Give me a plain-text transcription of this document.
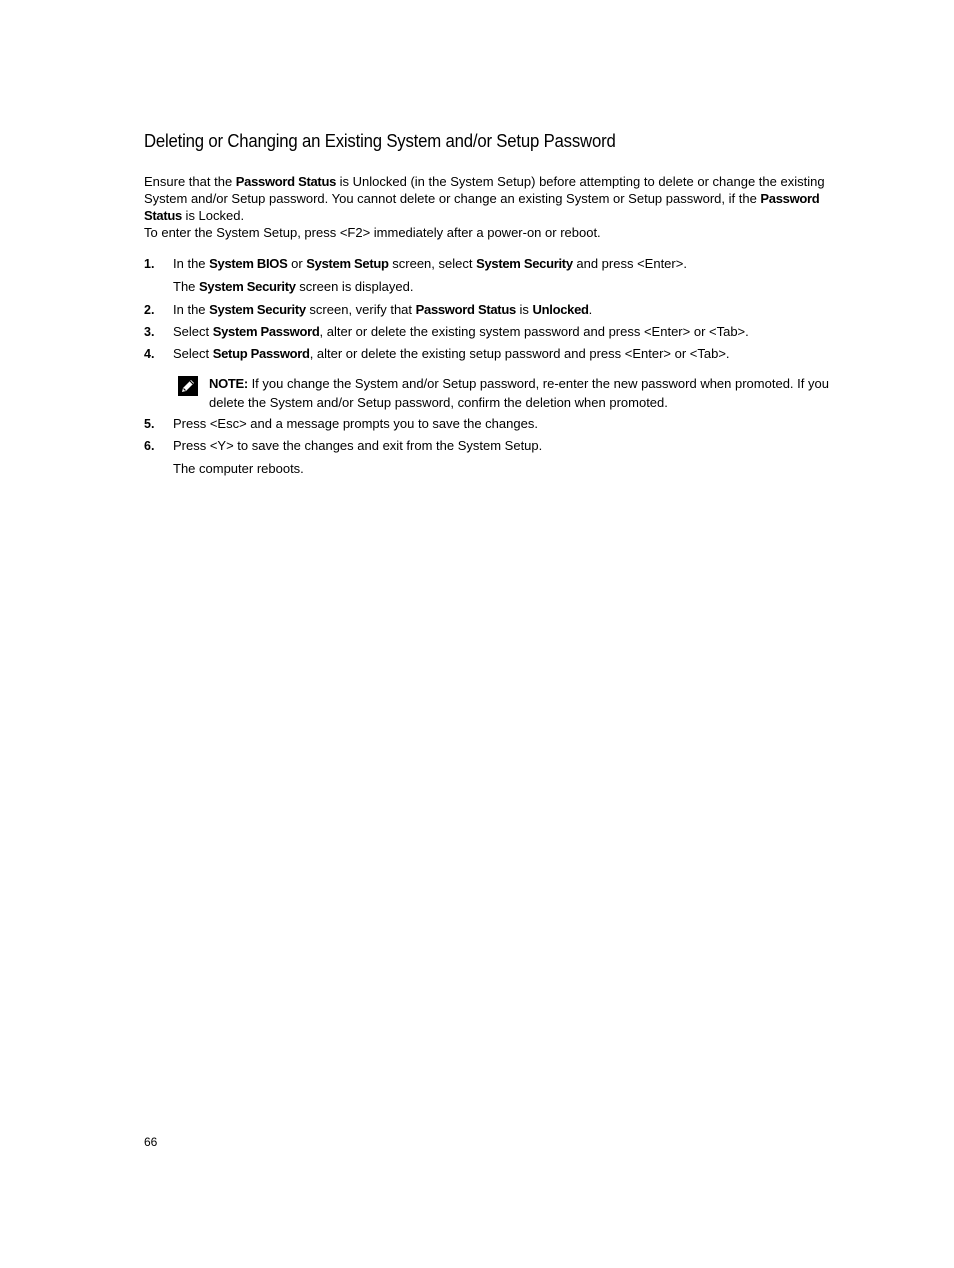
Deleting or Changing an Existing System and/or Setup Password

Ensure that the Password Status is Unlocked (in the System Setup) before attempting to delete or change the existing System and/or Setup password. You cannot delete or change an existing System or Setup password, if the Password Status is Locked.
To enter the System Setup, press <F2> immediately after a power-on or reboot.

1. In the System BIOS or System Setup screen, select System Security and press <Enter>.
The System Security screen is displayed.
2. In the System Security screen, verify that Password Status is Unlocked.
3. Select System Password, alter or delete the existing system password and press <Enter> or <Tab>.
4. Select Setup Password, alter or delete the existing setup password and press <Enter> or <Tab>.

NOTE: If you change the System and/or Setup password, re-enter the new password when promoted. If you delete the System and/or Setup password, confirm the deletion when promoted.

5. Press <Esc> and a message prompts you to save the changes.
6. Press <Y> to save the changes and exit from the System Setup.
The computer reboots.
66
